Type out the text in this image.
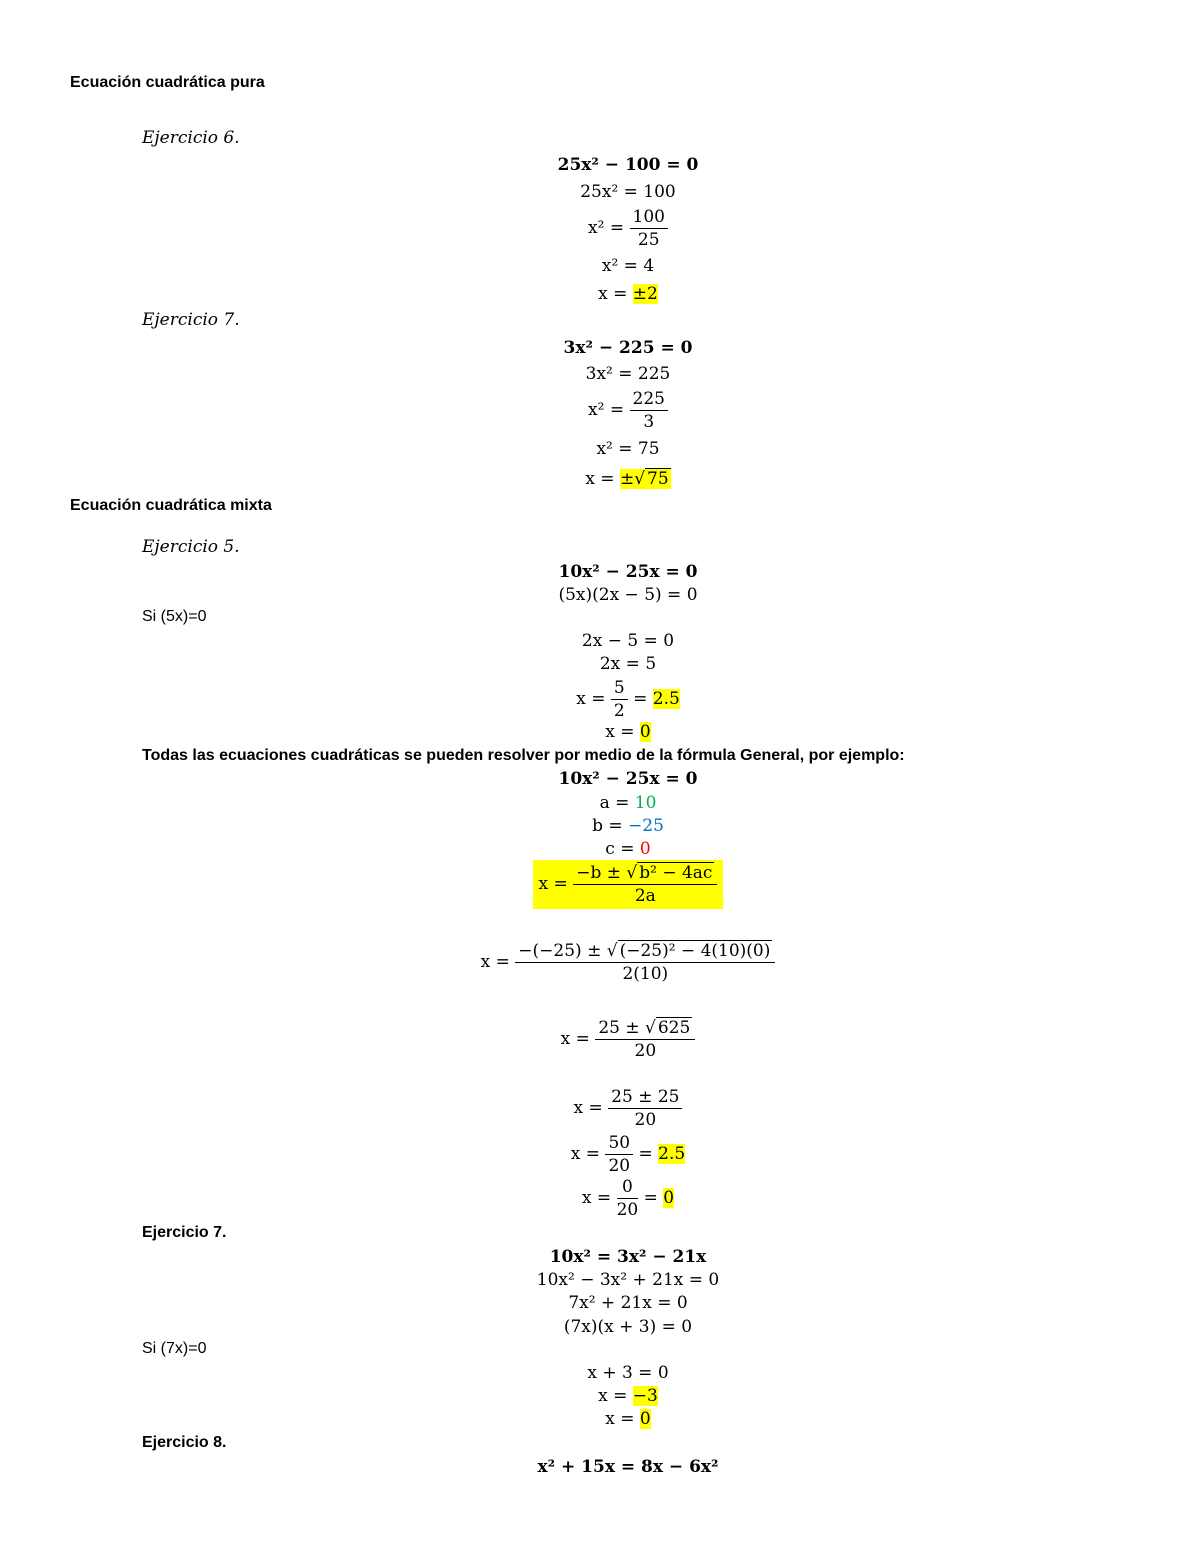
Ecuación cuadrática pura
Ejercicio 6.
25x² − 100 = 0
25x² = 100
$x^2 = \frac{100}{25}$
x² = 4
x = ±2
Ejercicio 7.
3x² − 225 = 0
3x² = 225
$x^2 = \frac{225}{3}$
x² = 75
x = ±√ 75
Ecuación cuadrática mixta
Ejercicio 5.
10x² − 25x = 0
(5x)(2x − 5) = 0
Si (5x)=0
2x − 5 = 0
2x = 5
$x = \frac{5}{2} = 2.5$
x = 0
Todas las ecuaciones cuadráticas se pueden resolver por medio de la fórmula General, por ejemplo:
10x² − 25x = 0
a = 10
b = −25
c = 0
$x = \frac{\text{−b ± √ b² − 4ac}}{2a}$
$x = \frac{\text{−(−25) ± √ (−25)² − 4(10)(0)}}{2(10)}$
$x = \frac{25 \pm √ 625}{20}$
$x = \frac{25 \pm 25}{20}$
$x = \frac{50}{20} = 2.5$
$x = \frac{0}{20} = 0$
Ejercicio 7.
10x² = 3x² − 21x
10x² − 3x² + 21x = 0
7x² + 21x = 0
(7x)(x + 3) = 0
Si (7x)=0
x + 3 = 0
x = −3
x = 0
Ejercicio 8.
x² + 15x = 8x − 6x²
